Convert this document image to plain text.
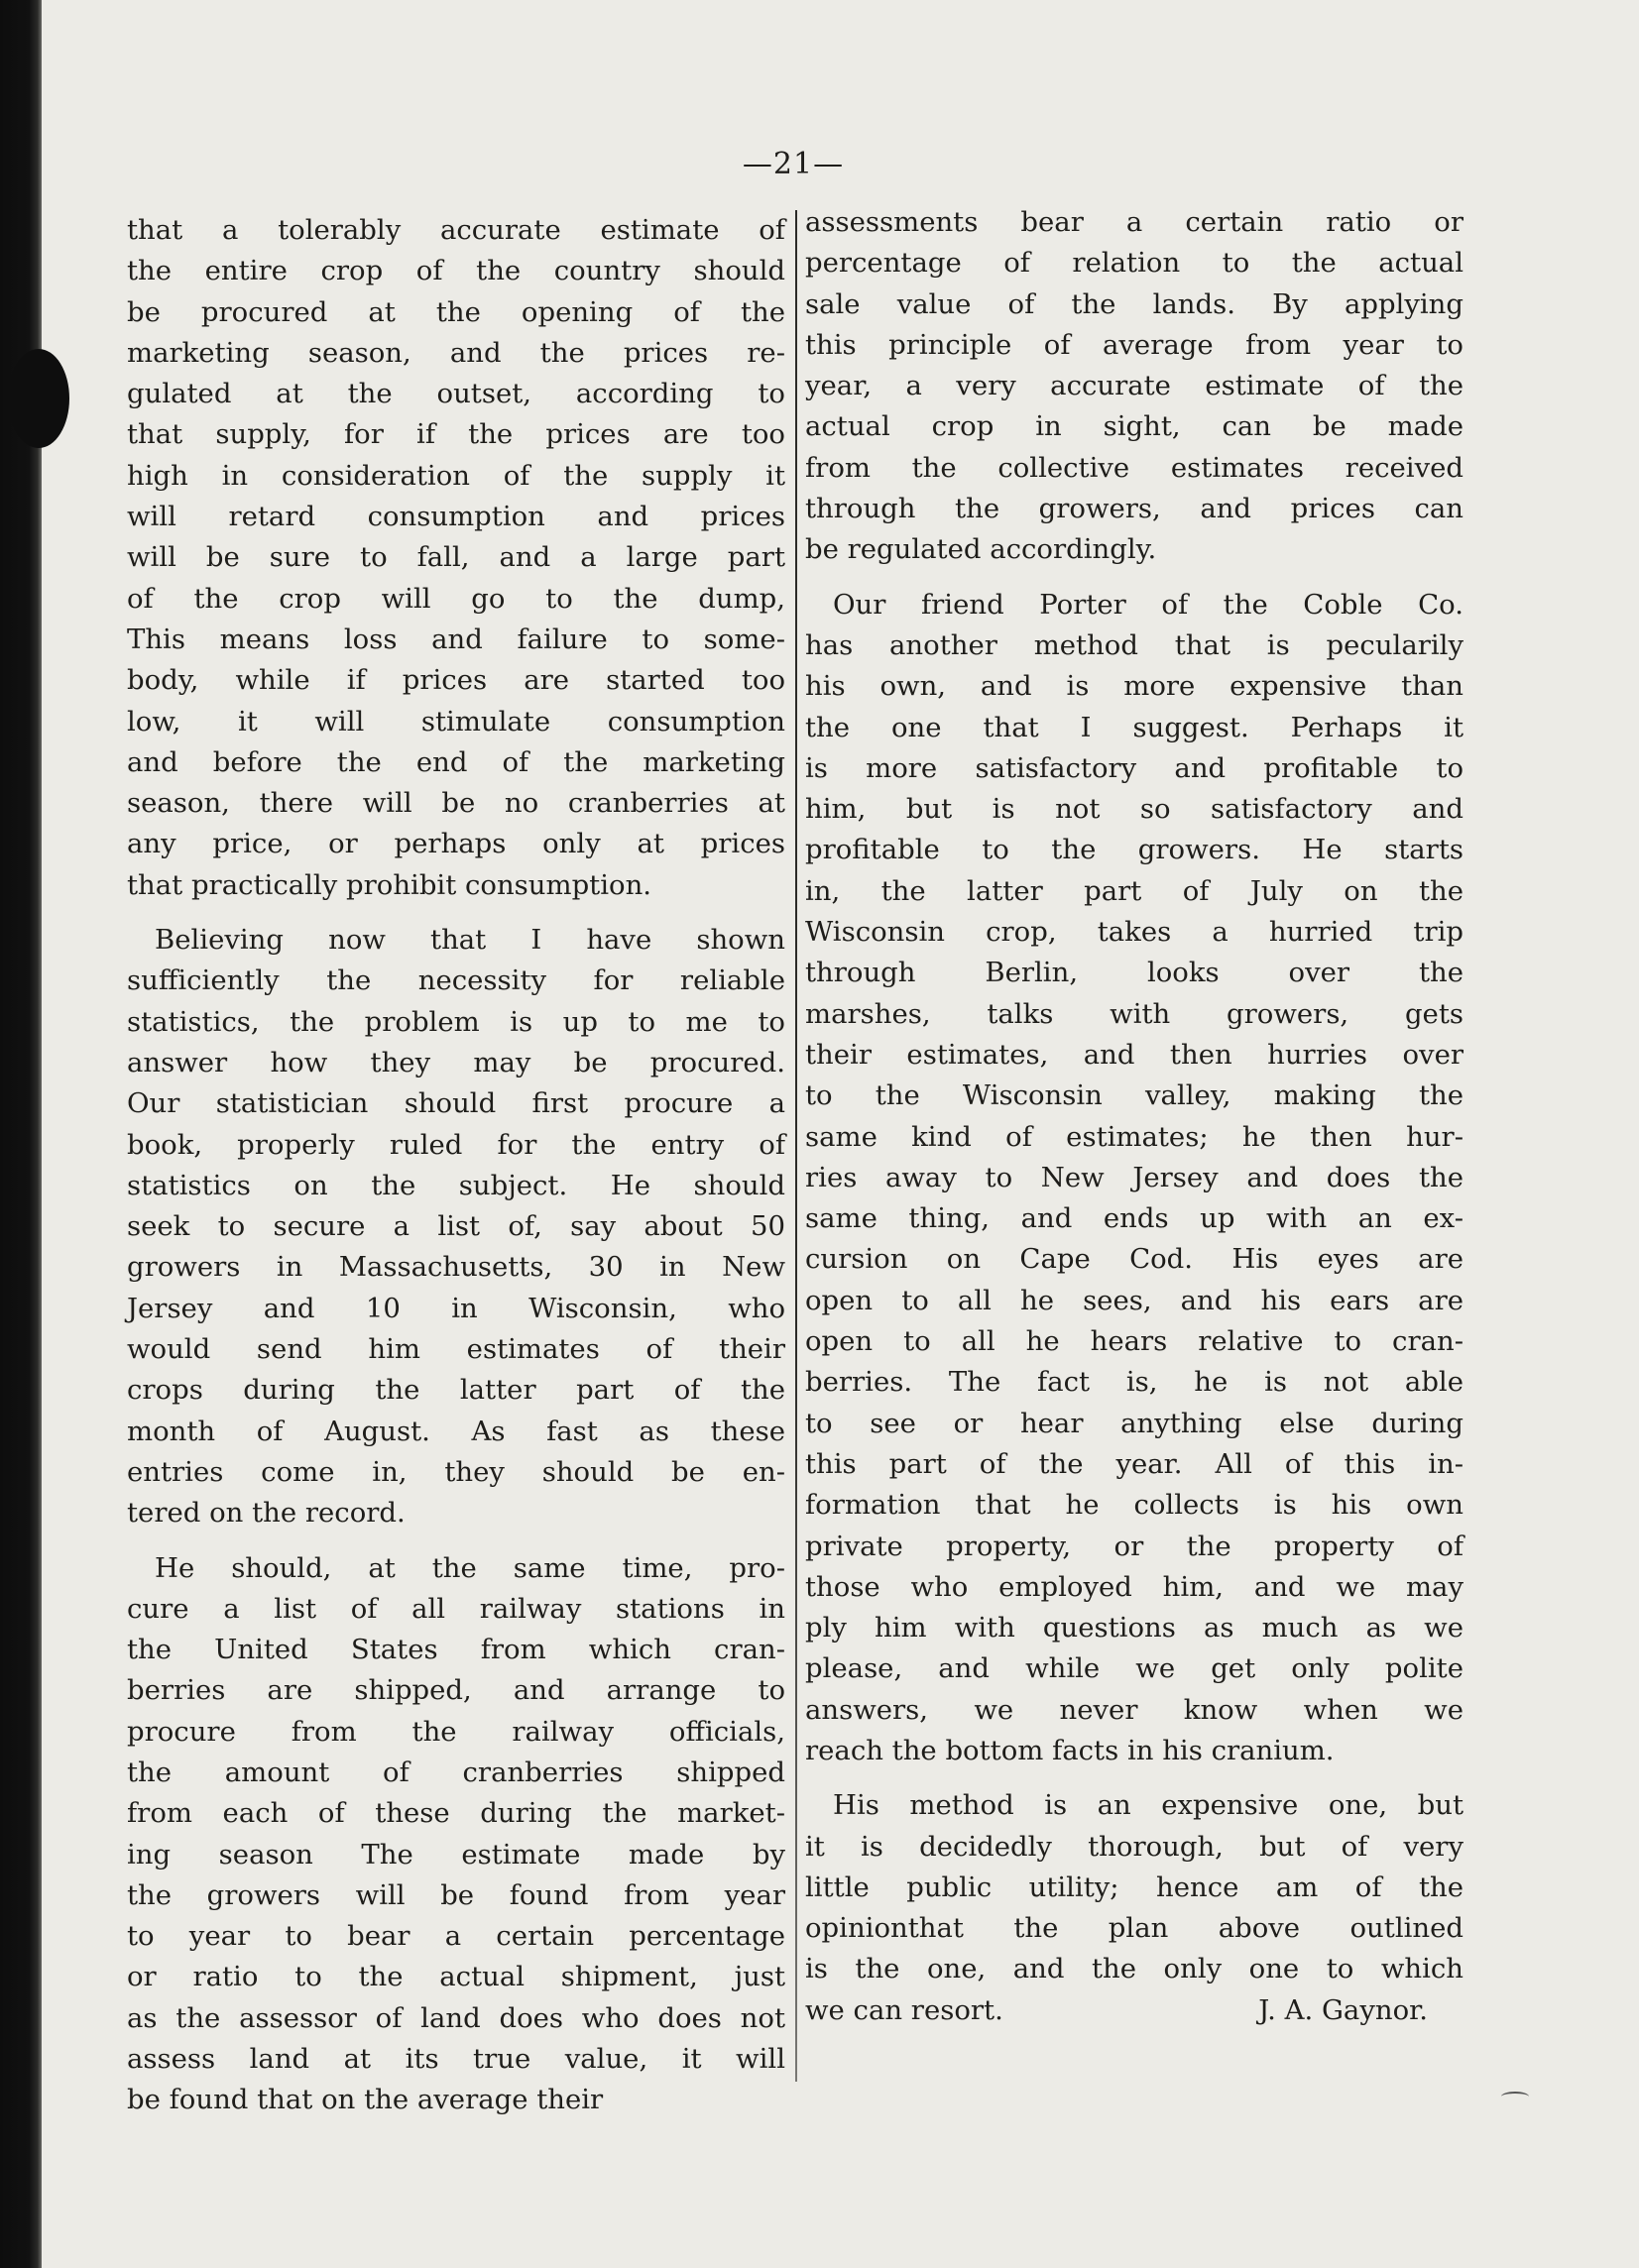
—21—

that a tolerably accurate estimate of
the entire crop of the country should
be procured at the opening of the
marketing season, and the prices re-
gulated at the outset, according to
that supply, for if the prices are too
high in consideration of the supply it
will retard consumption and prices
will be sure to fall, and a large part
of the crop will go to the dump,
This means loss and failure to some-
body, while if prices are started too
low, it will stimulate consumption
and before the end of the marketing
season, there will be no cranberries at
any price, or perhaps only at prices
that practically prohibit consumption.

Believing now that I have shown
sufficiently the necessity for reliable
statistics, the problem is up to me to
answer how they may be procured.
Our statistician should first procure a
book, properly ruled for the entry of
statistics on the subject. He should
seek to secure a list of, say about 50
growers in Massachusetts, 30 in New
Jersey and 10 in Wisconsin, who
would send him estimates of their
crops during the latter part of the
month of August. As fast as these
entries come in, they should be en-
tered on the record.

He should, at the same time, pro-
cure a list of all railway stations in
the United States from which cran-
berries are shipped, and arrange to
procure from the railway officials,
the amount of cranberries shipped
from each of these during the market-
ing season The estimate made by
the growers will be found from year
to year to bear a certain percentage
or ratio to the actual shipment, just
as the assessor of land does who does not
assess land at its true value, it will
be found that on the average their

assessments bear a certain ratio or
percentage of relation to the actual
sale value of the lands. By applying
this principle of average from year to
year, a very accurate estimate of the
actual crop in sight, can be made
from the collective estimates received
through the growers, and prices can
be regulated accordingly.

Our friend Porter of the Coble Co.
has another method that is pecularily
his own, and is more expensive than
the one that I suggest. Perhaps it
is more satisfactory and profitable to
him, but is not so satisfactory and
profitable to the growers. He starts
in, the latter part of July on the
Wisconsin crop, takes a hurried trip
through Berlin, looks over the
marshes, talks with growers, gets
their estimates, and then hurries over
to the Wisconsin valley, making the
same kind of estimates; he then hur-
ries away to New Jersey and does the
same thing, and ends up with an ex-
cursion on Cape Cod. His eyes are
open to all he sees, and his ears are
open to all he hears relative to cran-
berries. The fact is, he is not able
to see or hear anything else during
this part of the year. All of this in-
formation that he collects is his own
private property, or the property of
those who employed him, and we may
ply him with questions as much as we
please, and while we get only polite
answers, we never know when we
reach the bottom facts in his cranium.

His method is an expensive one, but
it is decidedly thorough, but of very
little public utility; hence am of the
opinionthat the plan above outlined
is the one, and the only one to which
we can resort.	J. A. Gaynor.
